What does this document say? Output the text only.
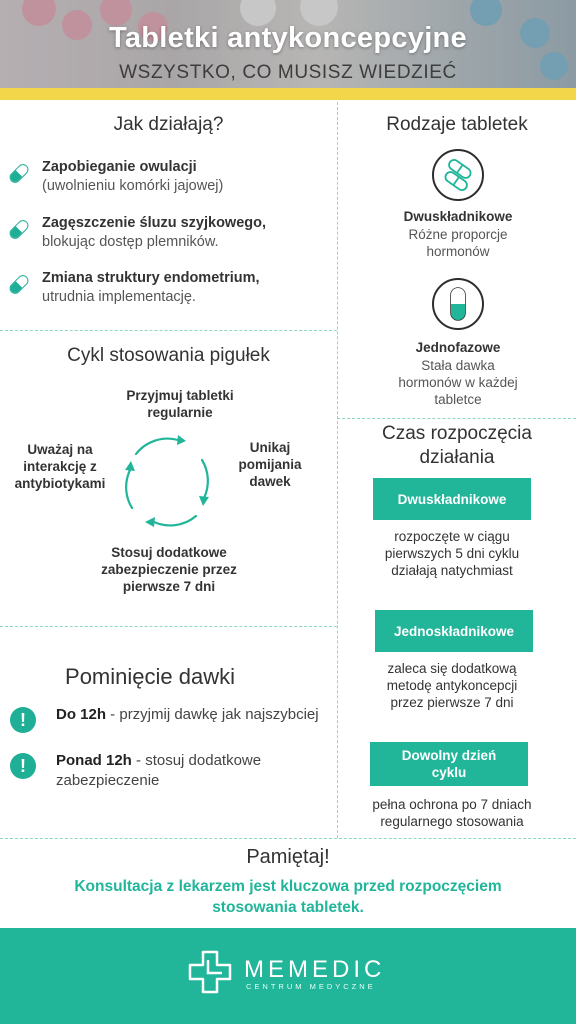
Tabletki antykoncepcyjne
WSZYSTKO, CO MUSISZ WIEDZIEĆ
Jak działają?
Zapobieganie owulacji
(uwolnieniu komórki jajowej)
Zagęszczenie śluzu szyjkowego,
blokując dostęp plemników.
Zmiana struktury endometrium,
utrudnia implementację.
Cykl stosowania pigułek
Przyjmuj tabletki regularnie
Unikaj pomijania dawek
Stosuj dodatkowe zabezpieczenie przez pierwsze 7 dni
Uważaj na interakcję z antybiotykami
Pominięcie dawki
!	Do 12h - przyjmij dawkę jak najszybciej
!	Ponad 12h - stosuj dodatkowe zabezpieczenie
Rodzaje tabletek
Dwuskładnikowe
Różne proporcje hormonów
Jednofazowe
Stała dawka hormonów w każdej tabletce
Czas rozpoczęcia działania
Dwuskładnikowe
rozpoczęte w ciągu pierwszych 5 dni cyklu działają natychmiast
Jednoskładnikowe
zaleca się dodatkową metodę antykoncepcji przez pierwsze 7 dni
Dowolny dzień cyklu
pełna ochrona po 7 dniach regularnego stosowania
Pamiętaj!
Konsultacja z lekarzem jest kluczowa przed rozpoczęciem stosowania tabletek.
MEMEDIC
CENTRUM MEDYCZNE
